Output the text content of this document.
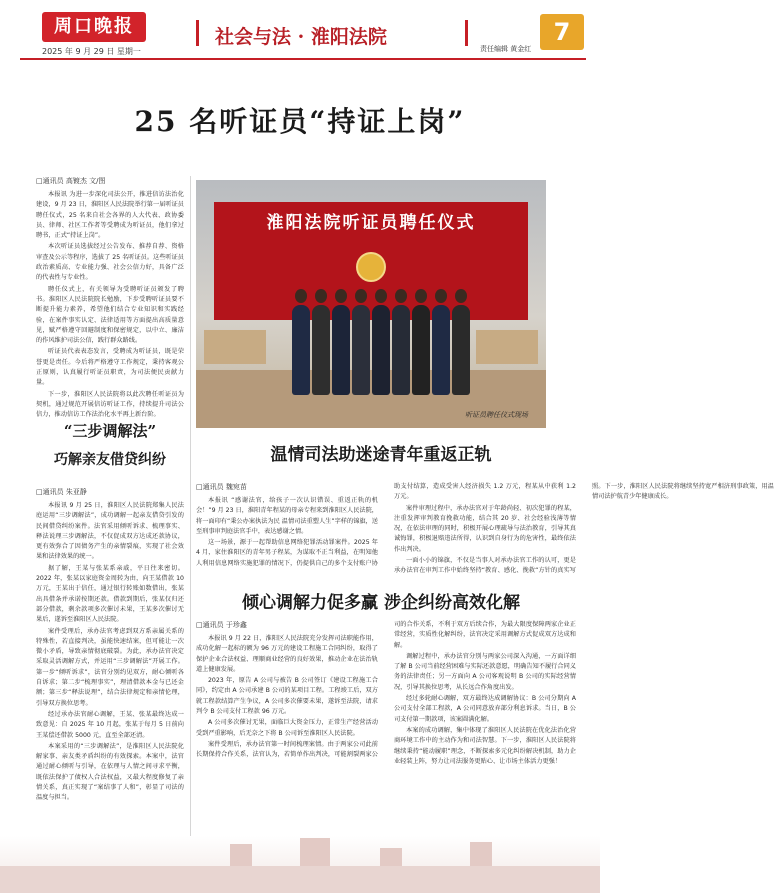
周口晚报
2025 年 9 月 29 日 星期一
社会与法 · 淮阳法院
责任编辑 黄金红
7
25 名听证员“持证上岗”
□通讯员 高镀杰 文/图

本报讯 为进一步深化司法公开，推进信访法治化建设，9 月 23 日，淮阳区人民法院举行第一届听证员聘任仪式，25 名来自社会各界的人大代表、政协委员、律师、社区工作者等受聘成为听证员，他们拿过聘书，正式“持证上岗”。

本次听证员选拔经过公告发布、推荐自荐、资格审查及公示等程序，选拔了 25 名听证员。这些听证员政治素质高、专业能力强、社会公信力好，具备广泛的代表性与专业性。

聘任仪式上，有关领导为受聘听证员颁发了聘书。淮阳区人民法院院长勉励，下步受聘听证员要不断提升能力素养，希望他们结合专业知识和实践经验，在案件事实认定、法律适用等方面提出高质量意见，赋严格遵守回避制度和保密规定，以中立、廉洁的作风维护司法公信，践行群众路线。

听证员代表表态发言，受聘成为听证员，既是荣誉更是责任。今后将严格遵守工作规定，秉持客观公正原则，认真履行听证员职责，为司法便民贡献力量。

下一步，淮阳区人民法院将以此次聘任听证员为契机，通过规范开展信访听证工作，持续提升司法公信力，推动信访工作法治化水平再上新台阶。

淮阳法院听证员聘任仪式
听证员聘任仪式现场
“三步调解法”
巧解亲友借贷纠纷
□通讯员 朱亚静

本报讯 9 月 25 日，淮阳区人民法院郑集人民法庭运用“三步调解法”，成功调解一起亲友借贷引发的民间借贷纠纷案件。法官采用倾听诉求、梳理事实、释法说理三步调解法，不仅促成双方达成还款协议，更有效弥合了因债务产生的亲情裂痕，实现了社会效果和法律效果的统一。

据了解，王某与张某系亲戚，平日往来密切。2022 年，张某以家庭资金周转为由，向王某借款 10 万元，王某出于信任，通过银行转账如数借出，张某出具借条并承诺按期还款。借款到期后，张某仅归还部分借款，剩余款项多次催讨未果，王某多次催讨无果后，遂诉至淮阳区人民法院。

案件受理后，承办法官考虑到双方系亲属关系的特殊性，若直接判决，虽能快速结案，但可能让一次微小矛盾，导致亲情彻底破裂。为此，承办法官决定采取灵活调解方式，并运用“三步调解法”开展工作。第一步“倾听诉求”，法官分别约见双方，耐心倾听各自诉求；第二步“梳理事实”，理清借款本金与已还金额；第三步“释法说理”，结合法律规定和亲情伦理，引导双方换位思考。

经过承办法官耐心调解，王某、张某最终达成一致意见：自 2025 年 10 月起，张某于每月 5 日前向王某偿还借款 5000 元，直至全部还清。

本案采用的“三步调解法”，是淮阳区人民法院化解家事、亲友类矛盾纠纷的有效探索。本案中，法官通过耐心倾听与引导，在依理与人情之间寻求平衡，既依法保护了债权人合法权益，又最大程度修复了亲情关系，真正实现了“案结事了人和”，彰显了司法的温度与担当。

温情司法助迷途青年重返正轨
□通讯员 魏宛苗

本报讯 “感谢法官，给孩子一次认识错误、重返正轨的机会！”9 月 23 日，淮阳青年程某的母亲专程来到淮阳区人民法院，将一面印有“秉公办案执法为民 温情司法重塑人生”字样的锦旗，送至刑事审判庭法官手中，表达感谢之情。

这一场景，源于一起帮助信息网络犯罪活动罪案件。2025 年 4 月，家住淮阳区的青年男子程某，为谋取不正当利益，在明知他人利用信息网络实施犯罪的情况下，仍提供自己的多个支付账户协助支付结算，造成受害人经济损失 1.2 万元，程某从中获利 1.2 万元。

案件审理过程中，承办法官对于年龄尚轻、初次犯罪的程某，注重发挥审判教育挽救功能，结合其 20 岁、社会经验浅薄等情况，在依法审理的同时，积极开展心理疏导与法治教育，引导其真诚悔罪，积极退赔违法所得，认识到自身行为的危害性，最终依法作出判决。

一面小小的锦旗，不仅是当事人对承办法官工作的认可，更是承办法官在审判工作中始终坚持“教育、感化、挽救“方针的真实写照。下一步，淮阳区人民法院将继续坚持宽严相济刑事政策，用温情司法护航青少年健康成长。

倾心调解力促多赢 涉企纠纷高效化解
□通讯员 于珍鑫

本报讯 9 月 22 日，淮阳区人民法院充分发挥司法职能作用，成功化解一起标的额为 96 万元的建设工程施工合同纠纷，取得了保护企业合法权益、理顺商业经营的良好效果，推动企业在法治轨道上健康发展。

2023 年，原告 A 公司与被告 B 公司签订《建设工程施工合同》，约定由 A 公司承建 B 公司的某项目工程。工程竣工后，双方就工程款结算产生争议，A 公司多次催要未果，遂诉至法院，请求判令 B 公司支付工程款 96 万元。

A 公司多次催讨无果，面临巨大资金压力，正常生产经营活动受到严重影响，后无奈之下将 B 公司诉至淮阳区人民法院。

案件受理后，承办法官第一时间梳理案情。由于两家公司此前长期保持合作关系，法官认为，若简单作出判决，可能割裂两家公司的合作关系，不利于双方后续合作，为最大限度保障两家企业正常经营，实质性化解纠纷，法官决定采用调解方式促成双方达成和解。

调解过程中，承办法官分别与两家公司深入沟通，一方面详细了解 B 公司当前经营困难与实际还款意愿，明确告知不履行合同义务的法律责任；另一方面向 A 公司客观说明 B 公司的实际经营情况，引导其换位思考，从长远合作角度出发。

经过多轮耐心调解，双方最终达成调解协议：B 公司分期向 A 公司支付全部工程款，A 公司同意放弃部分利息诉求。当日，B 公司支付第一期款项，该案圆满化解。

本案的成功调解，集中体现了淮阳区人民法院在优化法治化营商环境工作中的主动作为和司法智慧。下一步，淮阳区人民法院将继续秉持“能动履职”理念，不断探索多元化纠纷解决机制，助力企业轻装上阵，努力让司法服务更贴心、让市场主体活力更强！
